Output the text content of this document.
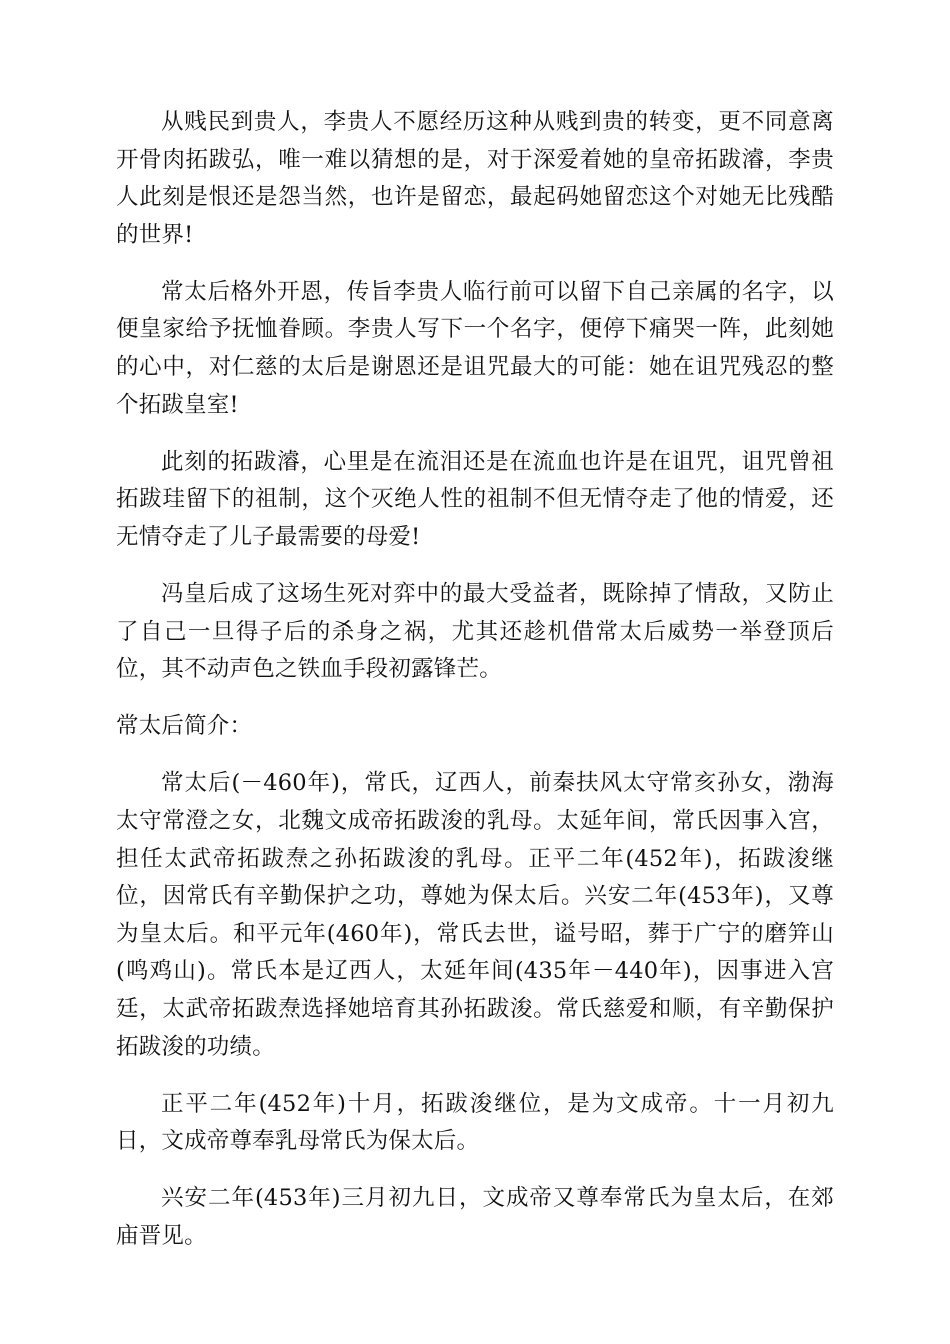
从贱民到贵人，李贵人不愿经历这种从贱到贵的转变，更不同意离开骨肉拓跋弘，唯一难以猜想的是，对于深爱着她的皇帝拓跋濬，李贵人此刻是恨还是怨当然，也许是留恋，最起码她留恋这个对她无比残酷的世界!

常太后格外开恩，传旨李贵人临行前可以留下自己亲属的名字，以便皇家给予抚恤眷顾。李贵人写下一个名字，便停下痛哭一阵，此刻她的心中，对仁慈的太后是谢恩还是诅咒最大的可能：她在诅咒残忍的整个拓跋皇室!

此刻的拓跋濬，心里是在流泪还是在流血也许是在诅咒，诅咒曾祖拓跋珪留下的祖制，这个灭绝人性的祖制不但无情夺走了他的情爱，还无情夺走了儿子最需要的母爱!

冯皇后成了这场生死对弈中的最大受益者，既除掉了情敌，又防止了自己一旦得子后的杀身之祸，尤其还趁机借常太后威势一举登顶后位，其不动声色之铁血手段初露锋芒。

常太后简介：

常太后(－460年)，常氏，辽西人，前秦扶风太守常亥孙女，渤海太守常澄之女，北魏文成帝拓跋浚的乳母。太延年间，常氏因事入宫，担任太武帝拓跋焘之孙拓跋浚的乳母。正平二年(452年)，拓跋浚继位，因常氏有辛勤保护之功，尊她为保太后。兴安二年(453年)，又尊为皇太后。和平元年(460年)，常氏去世，谥号昭，葬于广宁的磨笄山(鸣鸡山)。常氏本是辽西人，太延年间(435年－440年)，因事进入宫廷，太武帝拓跋焘选择她培育其孙拓跋浚。常氏慈爱和顺，有辛勤保护拓跋浚的功绩。

正平二年(452年)十月，拓跋浚继位，是为文成帝。十一月初九日，文成帝尊奉乳母常氏为保太后。

兴安二年(453年)三月初九日，文成帝又尊奉常氏为皇太后，在郊庙晋见。
